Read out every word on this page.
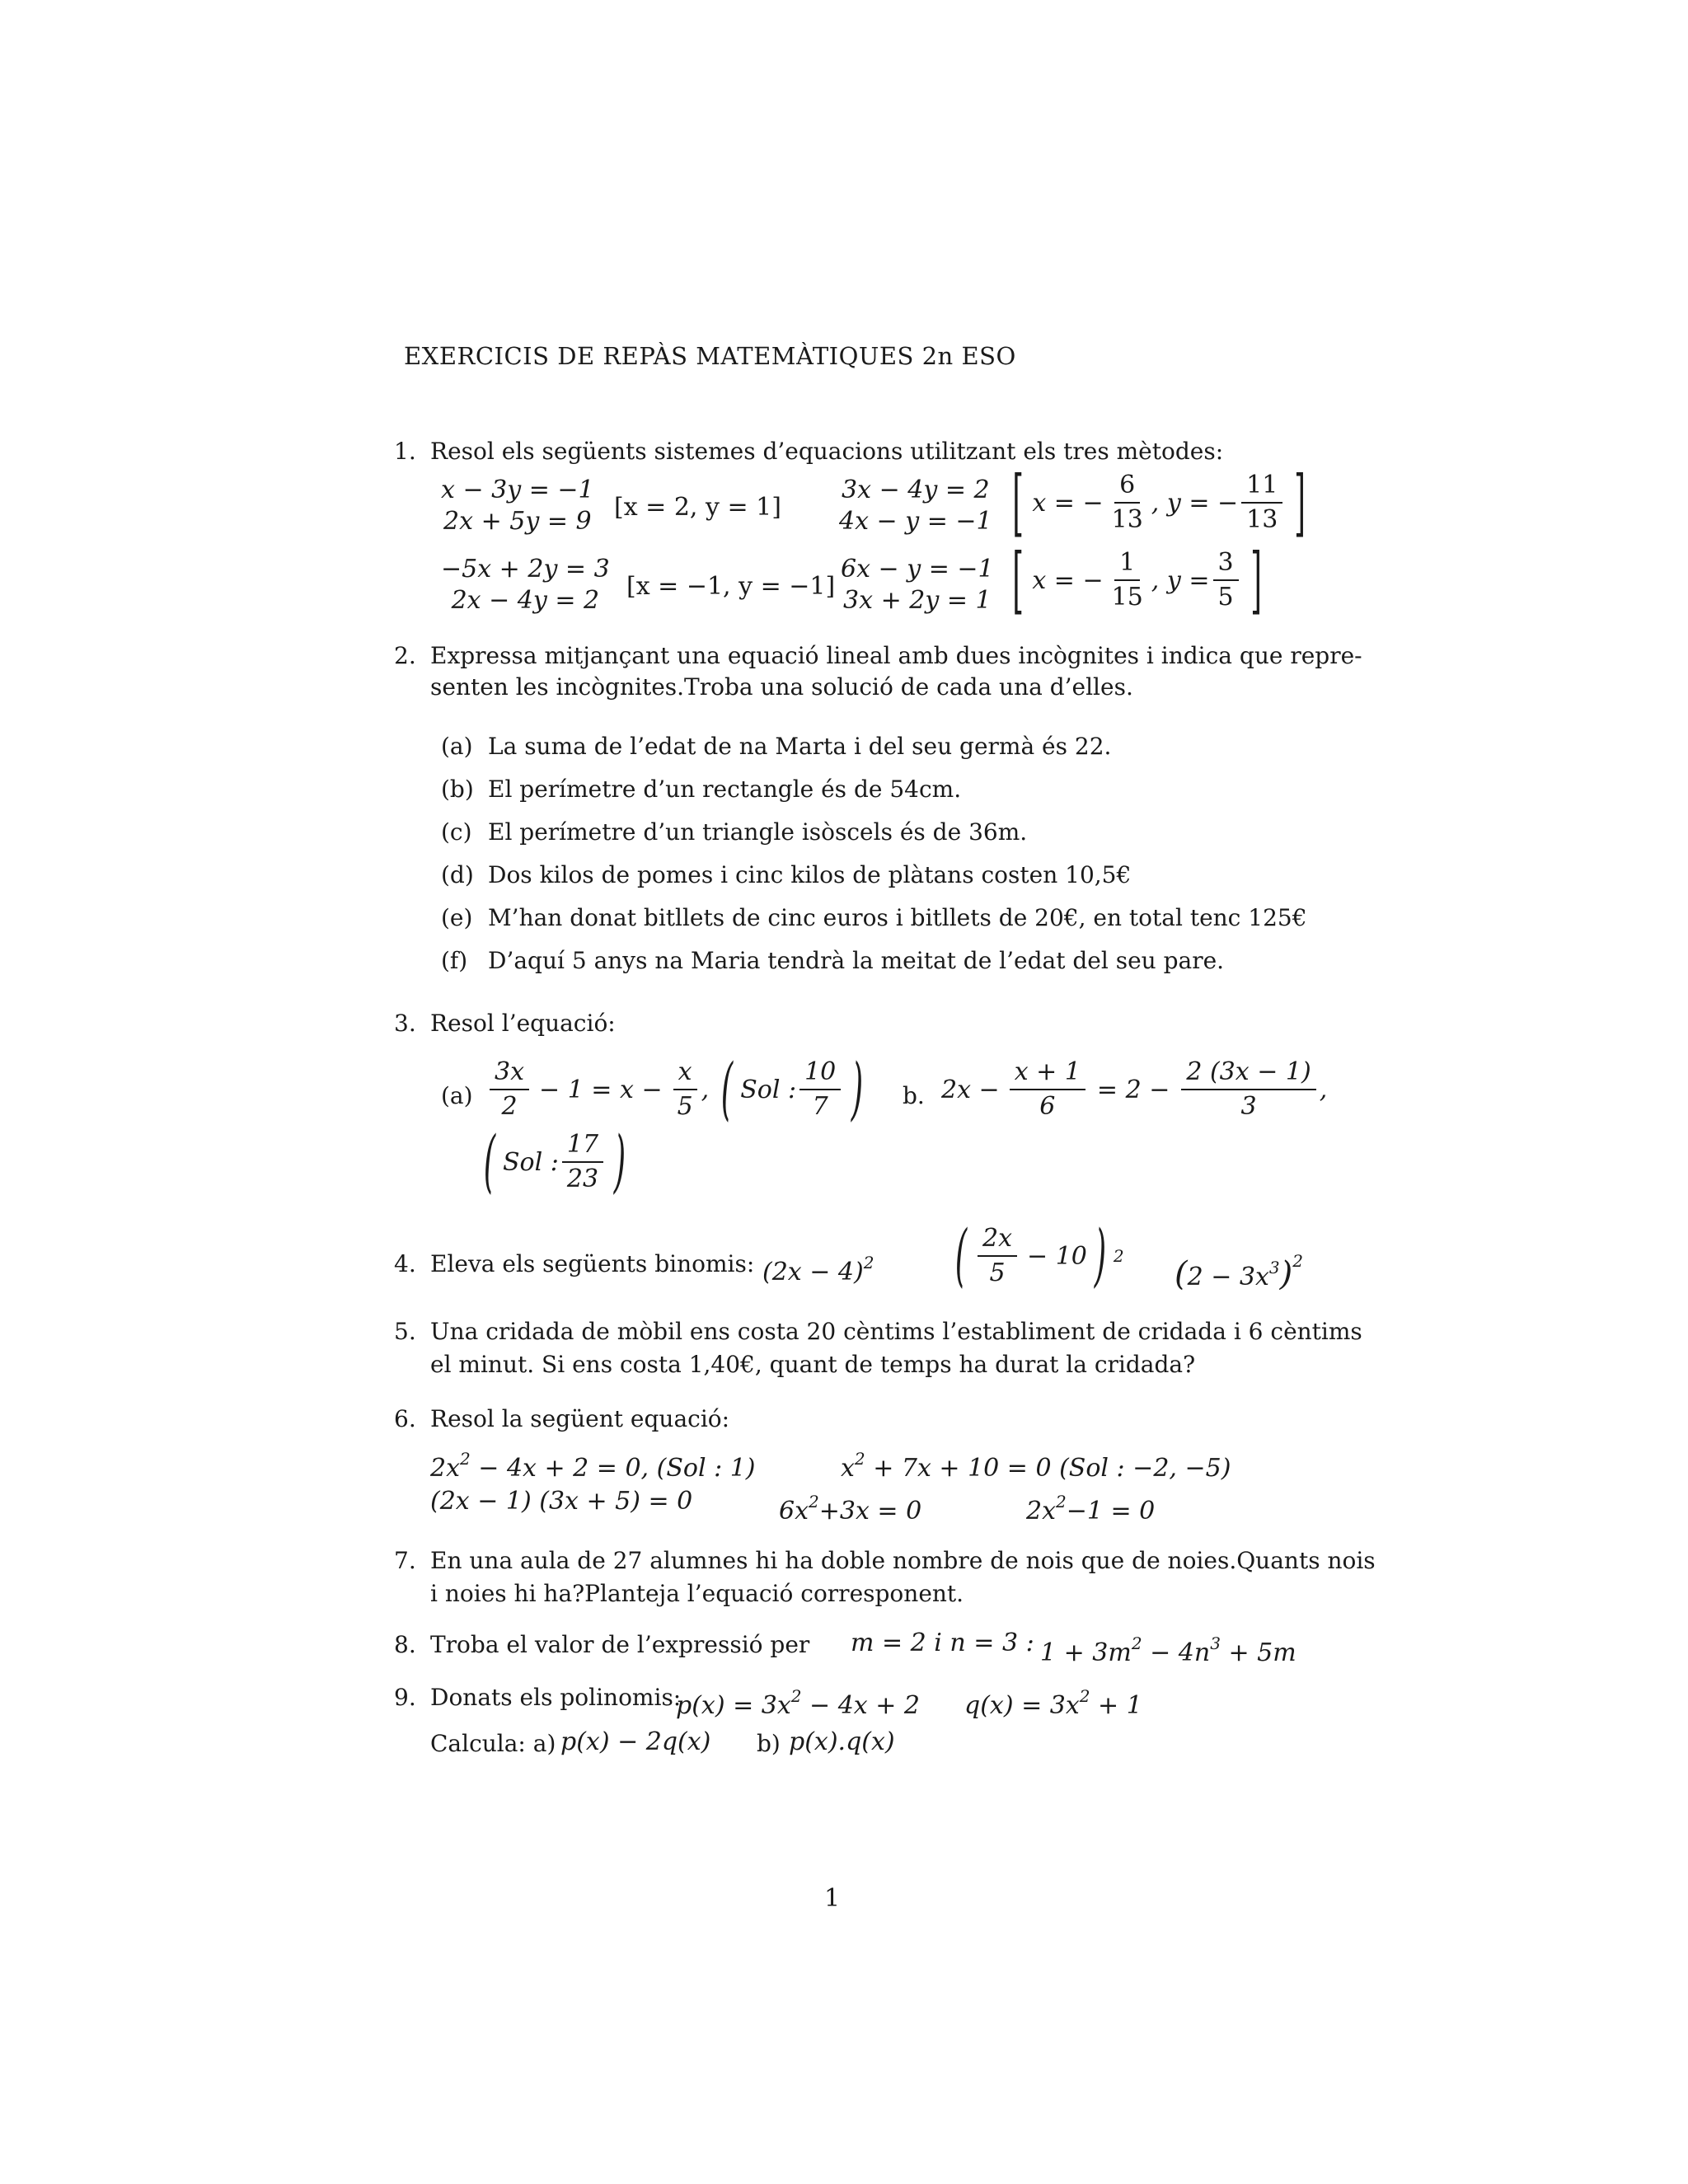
EXERCICIS DE REPÀS MATEMÀTIQUES 2n ESO
1. Resol els següents sistemes d’equacions utilitzant els tres mètodes:
x − 3y = −1
2x + 5y = 9 [x = 2, y = 1]
3x − 4y = 2
4x − y = −1 [ x = − $\frac{6}{13}$ , y = − $\frac{11}{13}$ ]
−5x + 2y = 3
2x − 4y = 2 [x = −1, y = −1]
6x − y = −1
3x + 2y = 1 [ x = − $\frac{1}{15}$ , $y = \frac{3}{5}$ ]
2. Expressa mitjançant una equació lineal amb dues incògnites i indica que repre-
senten les incògnites.Troba una solució de cada una d’elles.
(a) La suma de l’edat de na Marta i del seu germà és 22.
(b) El perímetre d’un rectangle és de 54cm.
(c) El perímetre d’un triangle isòscels és de 36m.
(d) Dos kilos de pomes i cinc kilos de plàtans costen 10,5€
(e) M’han donat bitllets de cinc euros i bitllets de 20€, en total tenc 125€
(f) D’aquí 5 anys na Maria tendrà la meitat de l’edat del seu pare.
3. Resol l’equació:
$(a) \frac{3x}{2} - 1 = x - \frac{x}{5}$ , ( Sol : $\frac{10}{7}$ ) b. $2x - \frac{x + 1}{6} = 2 - \frac{2 (3x - 1)}{3}$ ,
( Sol : $\frac{17}{23}$ )
4. Eleva els següents binomis: $(2x - 4)^2$ ( $\frac{2x}{5} - 10$ ) 2 $(2 - 3x^3)^2$
5. Una cridada de mòbil ens costa 20 cèntims l’establiment de cridada i 6 cèntims
el minut. Si ens costa 1,40€, quant de temps ha durat la cridada?
6. Resol la següent equació:
$2x^2 - 4x + 2 = 0$, (Sol : 1)	$x^2 + 7x + 10 = 0$ (Sol : −2, −5)
(2x − 1) (3x + 5) = 0	$6x^2+3x = 0$	$2x^2-1 = 0$
7. En una aula de 27 alumnes hi ha doble nombre de nois que de noies.Quants nois
i noies hi ha?Planteja l’equació corresponent.
8. Troba el valor de l’expressió per m = 2 i n = 3 : $1 + 3m^2 - 4n^3 + 5m$
9. Donats els polinomis:
$p(x) = 3x^2 - 4x + 2$ $q(x) = 3x^2 + 1$
Calcula: a) p(x) − 2q(x) b) p(x).q(x)
1
